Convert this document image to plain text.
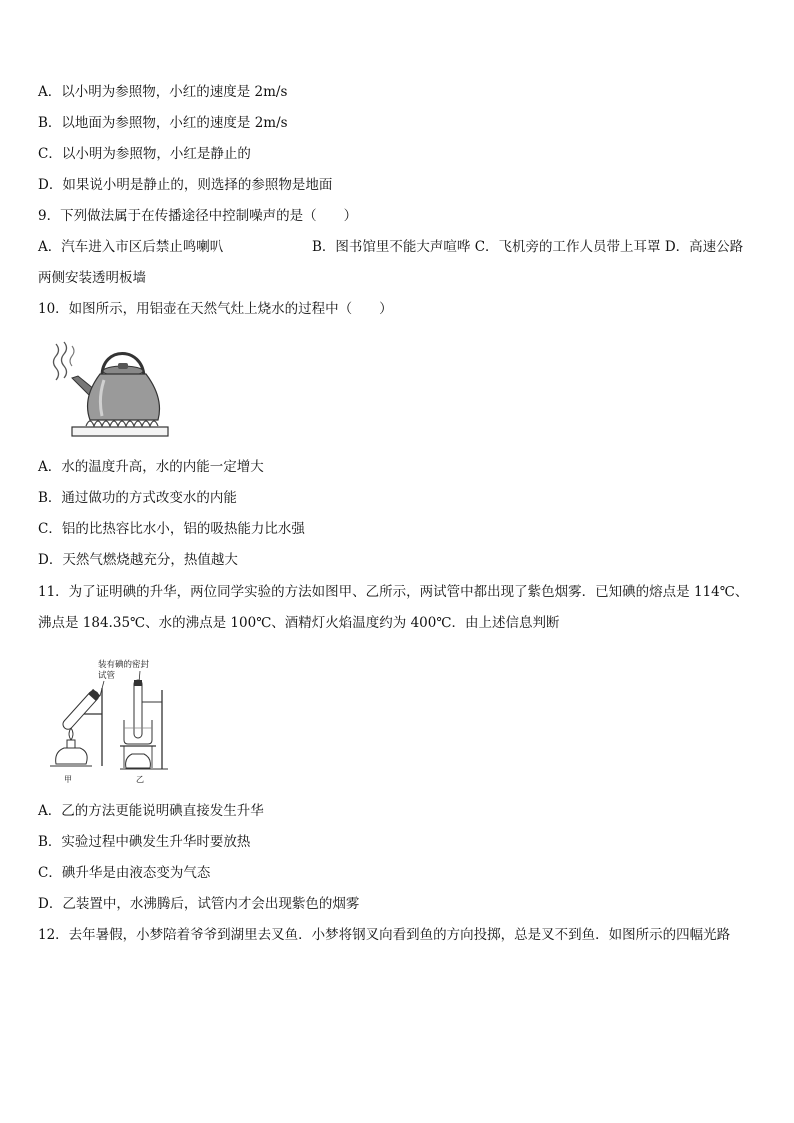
A．以小明为参照物，小红的速度是 2m/s
B．以地面为参照物，小红的速度是 2m/s
C．以小明为参照物，小红是静止的
D．如果说小明是静止的，则选择的参照物是地面
9．下列做法属于在传播途径中控制噪声的是（　　）
A．汽车进入市区后禁止鸣喇叭	B．图书馆里不能大声喧哗 C．飞机旁的工作人员带上耳罩 D．高速公路
两侧安装透明板墙
10．如图所示，用铝壶在天然气灶上烧水的过程中（　　）
A．水的温度升高，水的内能一定增大
B．通过做功的方式改变水的内能
C．铝的比热容比水小，铝的吸热能力比水强
D．天然气燃烧越充分，热值越大
11．为了证明碘的升华，两位同学实验的方法如图甲、乙所示，两试管中都出现了紫色烟雾．已知碘的熔点是 114℃、
沸点是 184.35℃、水的沸点是 100℃、酒精灯火焰温度约为 400℃．由上述信息判断
装有碘的密封
试管
甲	乙
A．乙的方法更能说明碘直接发生升华
B．实验过程中碘发生升华时要放热
C．碘升华是由液态变为气态
D．乙装置中，水沸腾后，试管内才会出现紫色的烟雾
12．去年暑假，小梦陪着爷爷到湖里去叉鱼．小梦将钢叉向看到鱼的方向投掷，总是叉不到鱼．如图所示的四幅光路
